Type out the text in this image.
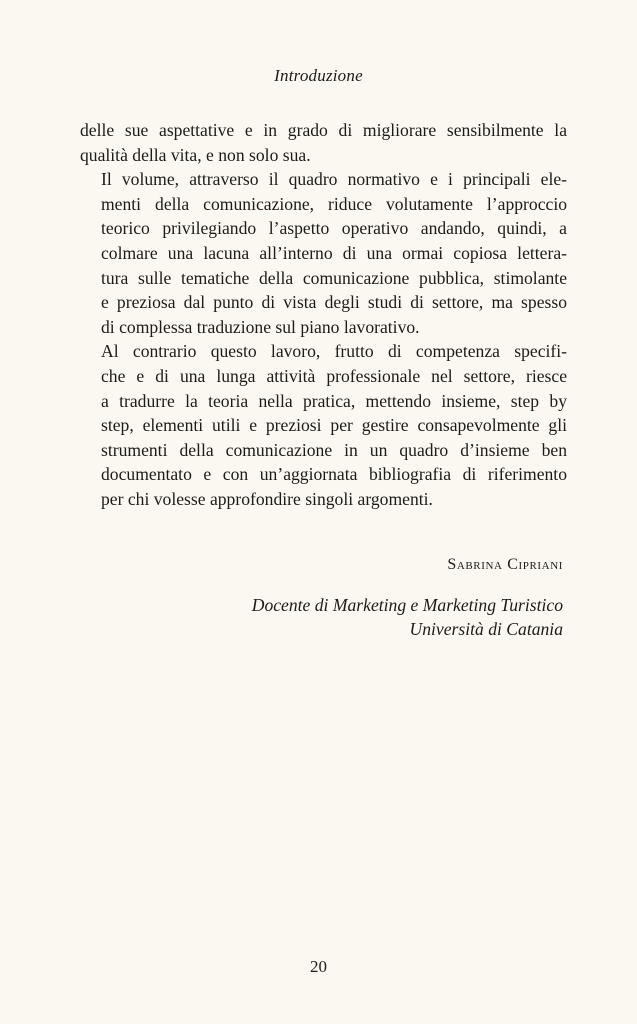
Introduzione

delle sue aspettative e in grado di migliorare sensibilmente la
qualità della vita, e non solo sua.

Il volume, attraverso il quadro normativo e i principali ele-
menti della comunicazione, riduce volutamente l’approccio
teorico privilegiando l’aspetto operativo andando, quindi, a
colmare una lacuna all’interno di una ormai copiosa lettera-
tura sulle tematiche della comunicazione pubblica, stimolante
e preziosa dal punto di vista degli studi di settore, ma spesso
di complessa traduzione sul piano lavorativo.

Al contrario questo lavoro, frutto di competenza specifi-
che e di una lunga attività professionale nel settore, riesce
a tradurre la teoria nella pratica, mettendo insieme, step by
step, elementi utili e preziosi per gestire consapevolmente gli
strumenti della comunicazione in un quadro d’insieme ben
documentato e con un’aggiornata bibliografia di riferimento
per chi volesse approfondire singoli argomenti.

Sabrina Cipriani
Docente di Marketing e Marketing Turistico
Università di Catania
20
